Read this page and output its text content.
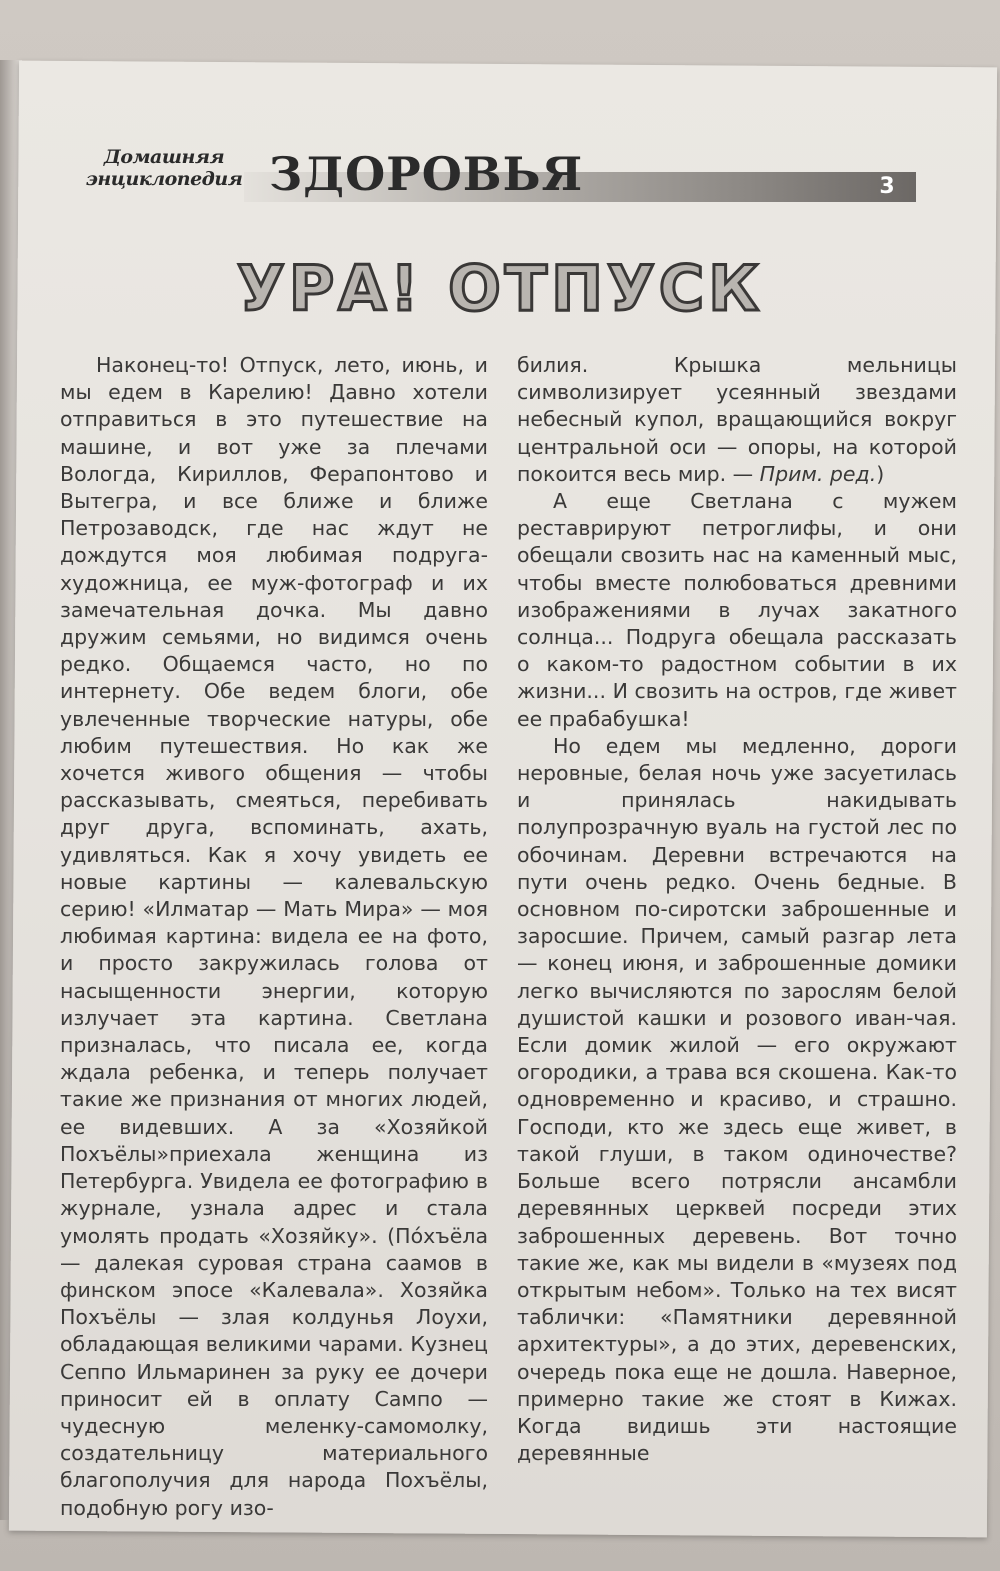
Домашняя
энциклопедия ЗДОРОВЬЯ	3
УРА! ОТПУСК

Наконец-то! Отпуск, лето, июнь, и мы едем в Карелию! Давно хотели отправиться в это путешествие на машине, и вот уже за плечами Вологда, Кириллов, Ферапонтово и Вытегра, и все ближе и ближе Петрозаводск, где нас ждут не дождутся моя любимая подруга-художница, ее муж-фотограф и их замечательная дочка. Мы давно дружим семьями, но видимся очень редко. Общаемся часто, но по интернету. Обе ведем блоги, обе увлеченные творческие натуры, обе любим путешествия. Но как же хочется живого общения — чтобы рассказывать, смеяться, перебивать друг друга, вспоминать, ахать, удивляться. Как я хочу увидеть ее новые картины — калевальскую серию! «Илматар — Мать Мира» — моя любимая картина: видела ее на фото, и просто закружилась голова от насыщенности энергии, которую излучает эта картина. Светлана призналась, что писала ее, когда ждала ребенка, и теперь получает такие же признания от многих людей, ее видевших. А за «Хозяйкой Похъёлы»приехала женщина из Петербурга. Увидела ее фотографию в журнале, узнала адрес и стала умолять продать «Хозяйку». (Пóхъёла — далекая суровая страна саамов в финском эпосе «Калевала». Хозяйка Похъёлы — злая колдунья Лоухи, обладающая великими чарами. Кузнец Сеппо Ильмаринен за руку ее дочери приносит ей в оплату Сампо — чудесную меленку-самомолку, создательницу материального благополучия для народа Похъёлы, подобную рогу изо-

билия. Крышка мельницы символизирует усеянный звездами небесный купол, вращающийся вокруг центральной оси — опоры, на которой покоится весь мир. — Прим. ред.)

А еще Светлана с мужем реставрируют петроглифы, и они обещали свозить нас на каменный мыс, чтобы вместе полюбоваться древними изображениями в лучах закатного солнца... Подруга обещала рассказать о каком-то радостном событии в их жизни... И свозить на остров, где живет ее прабабушка!

Но едем мы медленно, дороги неровные, белая ночь уже засуетилась и принялась накидывать полупрозрачную вуаль на густой лес по обочинам. Деревни встречаются на пути очень редко. Очень бедные. В основном по-сиротски заброшенные и заросшие. Причем, самый разгар лета — конец июня, и заброшенные домики легко вычисляются по зарослям белой душистой кашки и розового иван-чая. Если домик жилой — его окружают огородики, а трава вся скошена. Как-то одновременно и красиво, и страшно. Господи, кто же здесь еще живет, в такой глуши, в таком одиночестве? Больше всего потрясли ансамбли деревянных церквей посреди этих заброшенных деревень. Вот точно такие же, как мы видели в «музеях под открытым небом». Только на тех висят таблички: «Памятники деревянной архитектуры», а до этих, деревенских, очередь пока еще не дошла. Наверное, примерно такие же стоят в Кижах. Когда видишь эти настоящие деревянные
